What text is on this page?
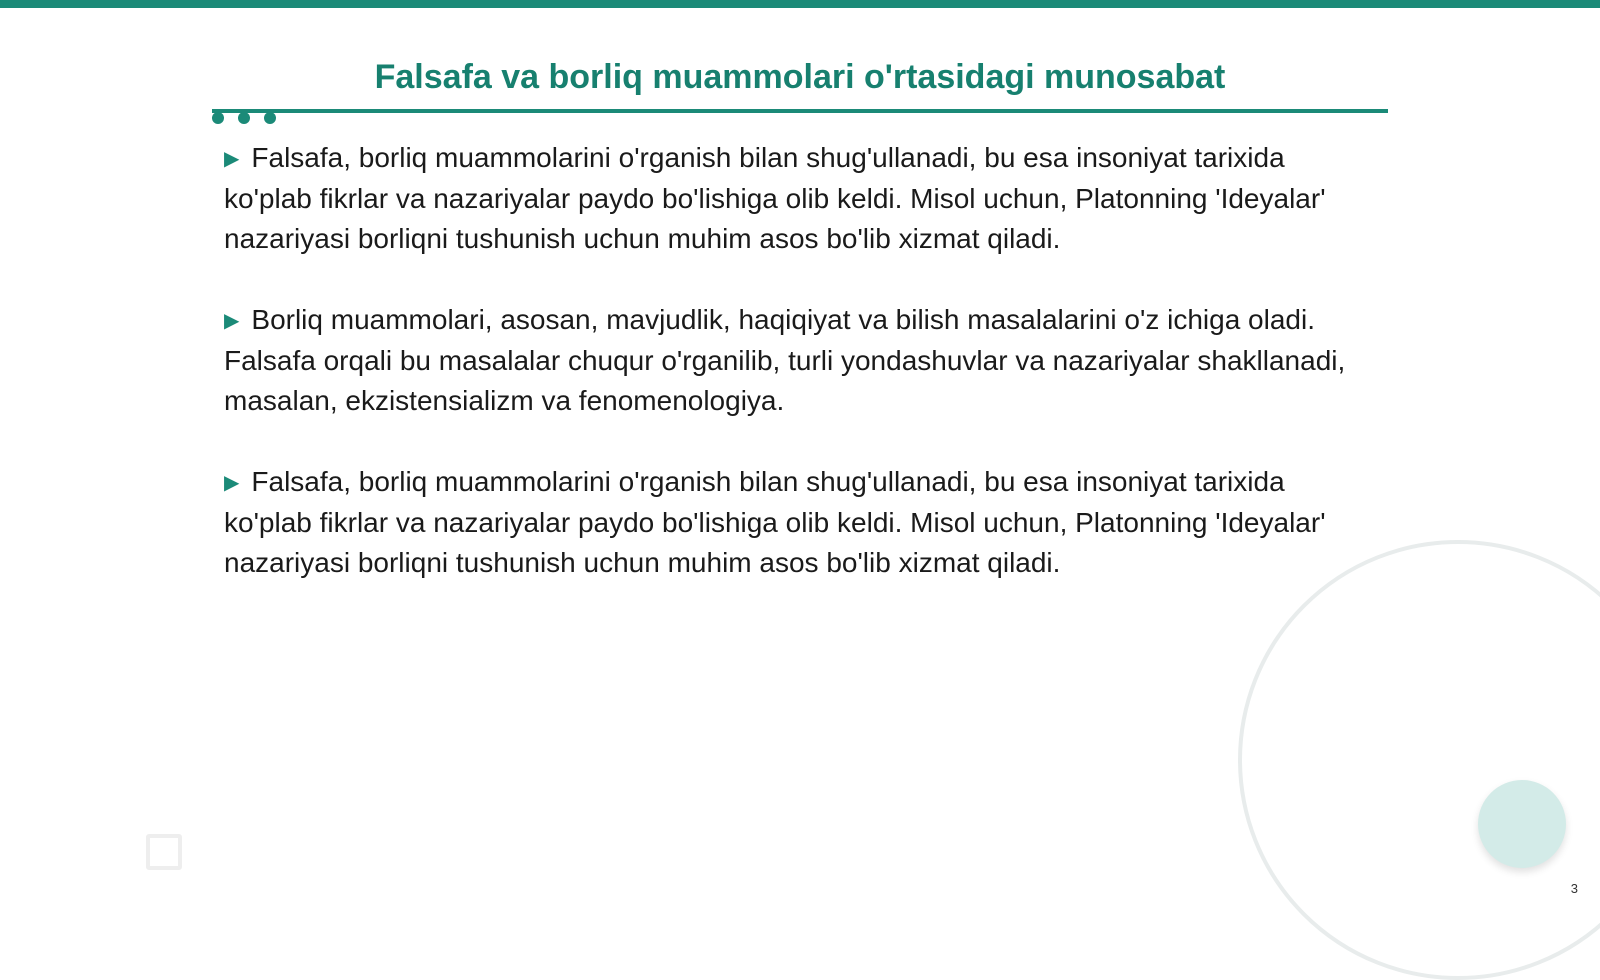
Falsafa va borliq muammolari o'rtasidagi munosabat

▶ Falsafa, borliq muammolarini o'rganish bilan shug'ullanadi, bu esa insoniyat tarixida ko'plab fikrlar va nazariyalar paydo bo'lishiga olib keldi. Misol uchun, Platonning 'Ideyalar' nazariyasi borliqni tushunish uchun muhim asos bo'lib xizmat qiladi.

▶ Borliq muammolari, asosan, mavjudlik, haqiqiyat va bilish masalalarini o'z ichiga oladi. Falsafa orqali bu masalalar chuqur o'rganilib, turli yondashuvlar va nazariyalar shakllanadi, masalan, ekzistensializm va fenomenologiya.

▶ Falsafa, borliq muammolarini o'rganish bilan shug'ullanadi, bu esa insoniyat tarixida ko'plab fikrlar va nazariyalar paydo bo'lishiga olib keldi. Misol uchun, Platonning 'Ideyalar' nazariyasi borliqni tushunish uchun muhim asos bo'lib xizmat qiladi.

3
